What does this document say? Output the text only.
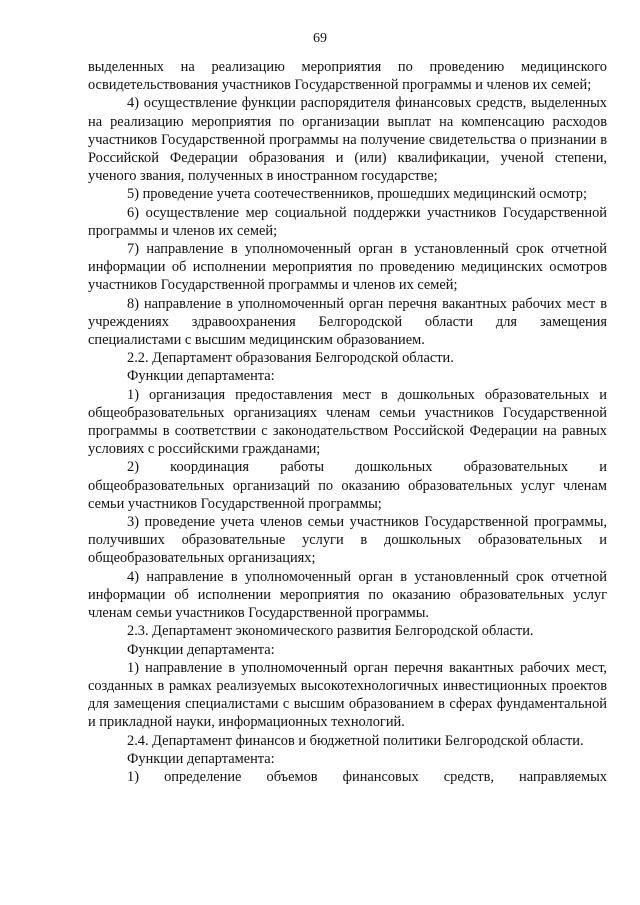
69

выделенных на реализацию мероприятия по проведению медицинского освидетельствования участников Государственной программы и членов их семей;

4) осуществление функции распорядителя финансовых средств, выделенных на реализацию мероприятия по организации выплат на компенсацию расходов участников Государственной программы на получение свидетельства о признании в Российской Федерации образования и (или) квалификации, ученой степени, ученого звания, полученных в иностранном государстве;

5) проведение учета соотечественников, прошедших медицинский осмотр;

6) осуществление мер социальной поддержки участников Государственной программы и членов их семей;

7) направление в уполномоченный орган в установленный срок отчетной информации об исполнении мероприятия по проведению медицинских осмотров участников Государственной программы и членов их семей;

8) направление в уполномоченный орган перечня вакантных рабочих мест в учреждениях здравоохранения Белгородской области для замещения специалистами с высшим медицинским образованием.

2.2. Департамент образования Белгородской области.

Функции департамента:

1) организация предоставления мест в дошкольных образовательных и общеобразовательных организациях членам семьи участников Государственной программы в соответствии с законодательством Российской Федерации на равных условиях с российскими гражданами;

2) координация работы дошкольных образовательных и общеобразовательных организаций по оказанию образовательных услуг членам семьи участников Государственной программы;

3) проведение учета членов семьи участников Государственной программы, получивших образовательные услуги в дошкольных образовательных и общеобразовательных организациях;

4) направление в уполномоченный орган в установленный срок отчетной информации об исполнении мероприятия по оказанию образовательных услуг членам семьи участников Государственной программы.

2.3. Департамент экономического развития Белгородской области.

Функции департамента:

1) направление в уполномоченный орган перечня вакантных рабочих мест, созданных в рамках реализуемых высокотехнологичных инвестиционных проектов для замещения специалистами с высшим образованием в сферах фундаментальной и прикладной науки, информационных технологий.

2.4. Департамент финансов и бюджетной политики Белгородской области.

Функции департамента:

1) определение объемов финансовых средств, направляемых
